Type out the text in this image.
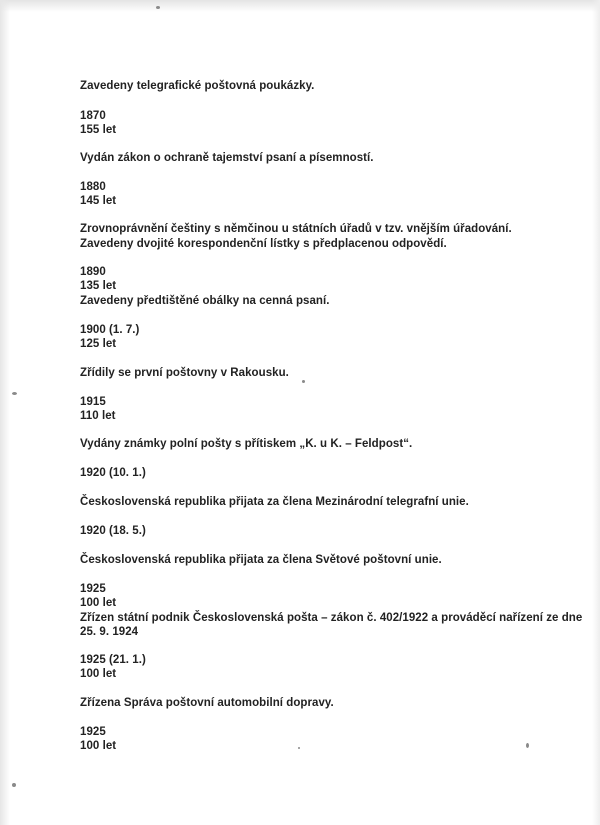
Zavedeny telegrafické poštovná poukázky.
1870
155 let
Vydán zákon o ochraně tajemství psaní a písemností.
1880
145 let
Zrovnoprávnění češtiny s němčinou u státních úřadů v tzv. vnějším úřadování.
Zavedeny dvojité korespondenční lístky s předplacenou odpovědí.
1890
135 let
Zavedeny předtištěné obálky na cenná psaní.
1900 (1. 7.)
125 let
Zřídily se první poštovny v Rakousku.
1915
110 let
Vydány známky polní pošty s přítiskem „K. u K. – Feldpost“.
1920 (10. 1.)
Československá republika přijata za člena Mezinárodní telegrafní unie.
1920 (18. 5.)
Československá republika přijata za člena Světové poštovní unie.
1925
100 let
Zřízen státní podnik Československá pošta – zákon č. 402/1922 a prováděcí nařízení ze dne
25. 9. 1924
1925 (21. 1.)
100 let
Zřízena Správa poštovní automobilní dopravy.
1925
100 let
